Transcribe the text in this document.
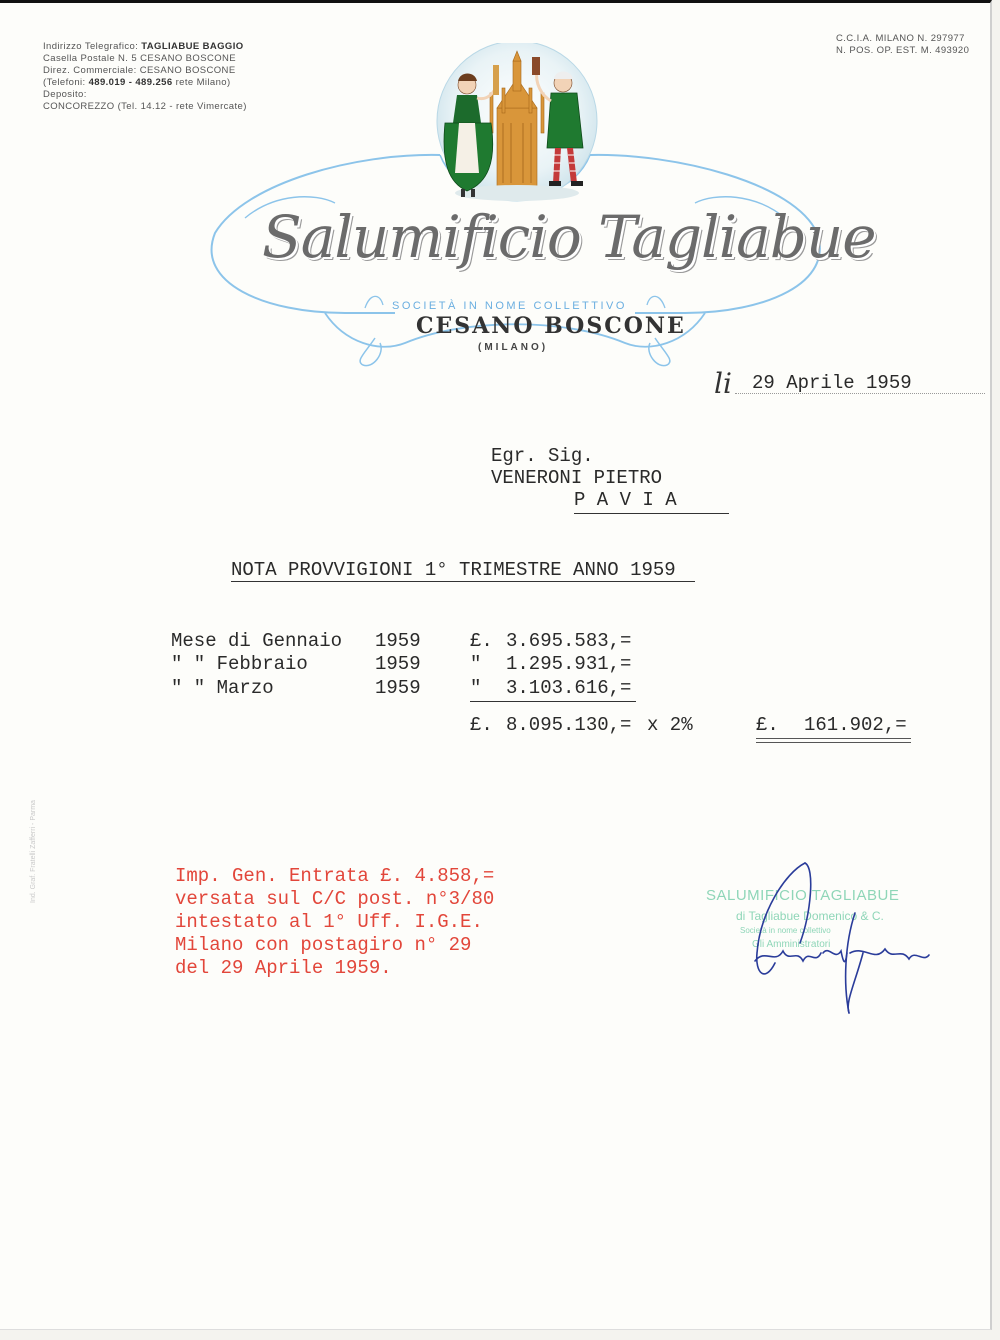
Indirizzo Telegrafico: TAGLIABUE BAGGIO
Casella Postale N. 5 CESANO BOSCONE
Direz. Commerciale: CESANO BOSCONE
(Telefoni: 489.019 - 489.256 rete Milano)
Deposito:
CONCOREZZO (Tel. 14.12 - rete Vimercate)
C.C.I.A. MILANO N. 297977
N. POS. OP. EST. M. 493920
Salumificio Tagliabue
SOCIETÀ IN NOME COLLETTIVO
CESANO BOSCONE
(MILANO)
li 29 Aprile 1959
Egr. Sig.
VENERONI PIETRO
P A V I A
NOTA PROVVIGIONI 1° TRIMESTRE ANNO 1959
Mese di Gennaio 1959	£. 3.695.583,=
" " Febbraio	1959	" 1.295.931,=
" " Marzo	1959	" 3.103.616,=
£. 8.095.130,= x 2%	£. 161.902,=
Ind. Graf. Fratelli Zafferri - Parma	Imp. Gen. Entrata £. 4.858,=
versata sul C/C post. n°3/80
intestato al 1° Uff. I.G.E.
Milano con postagiro n° 29
del 29 Aprile 1959.
SALUMIFICIO TAGLIABUE
di Tagliabue Domenico & C.
Società in nome collettivo
Gli Amministratori
